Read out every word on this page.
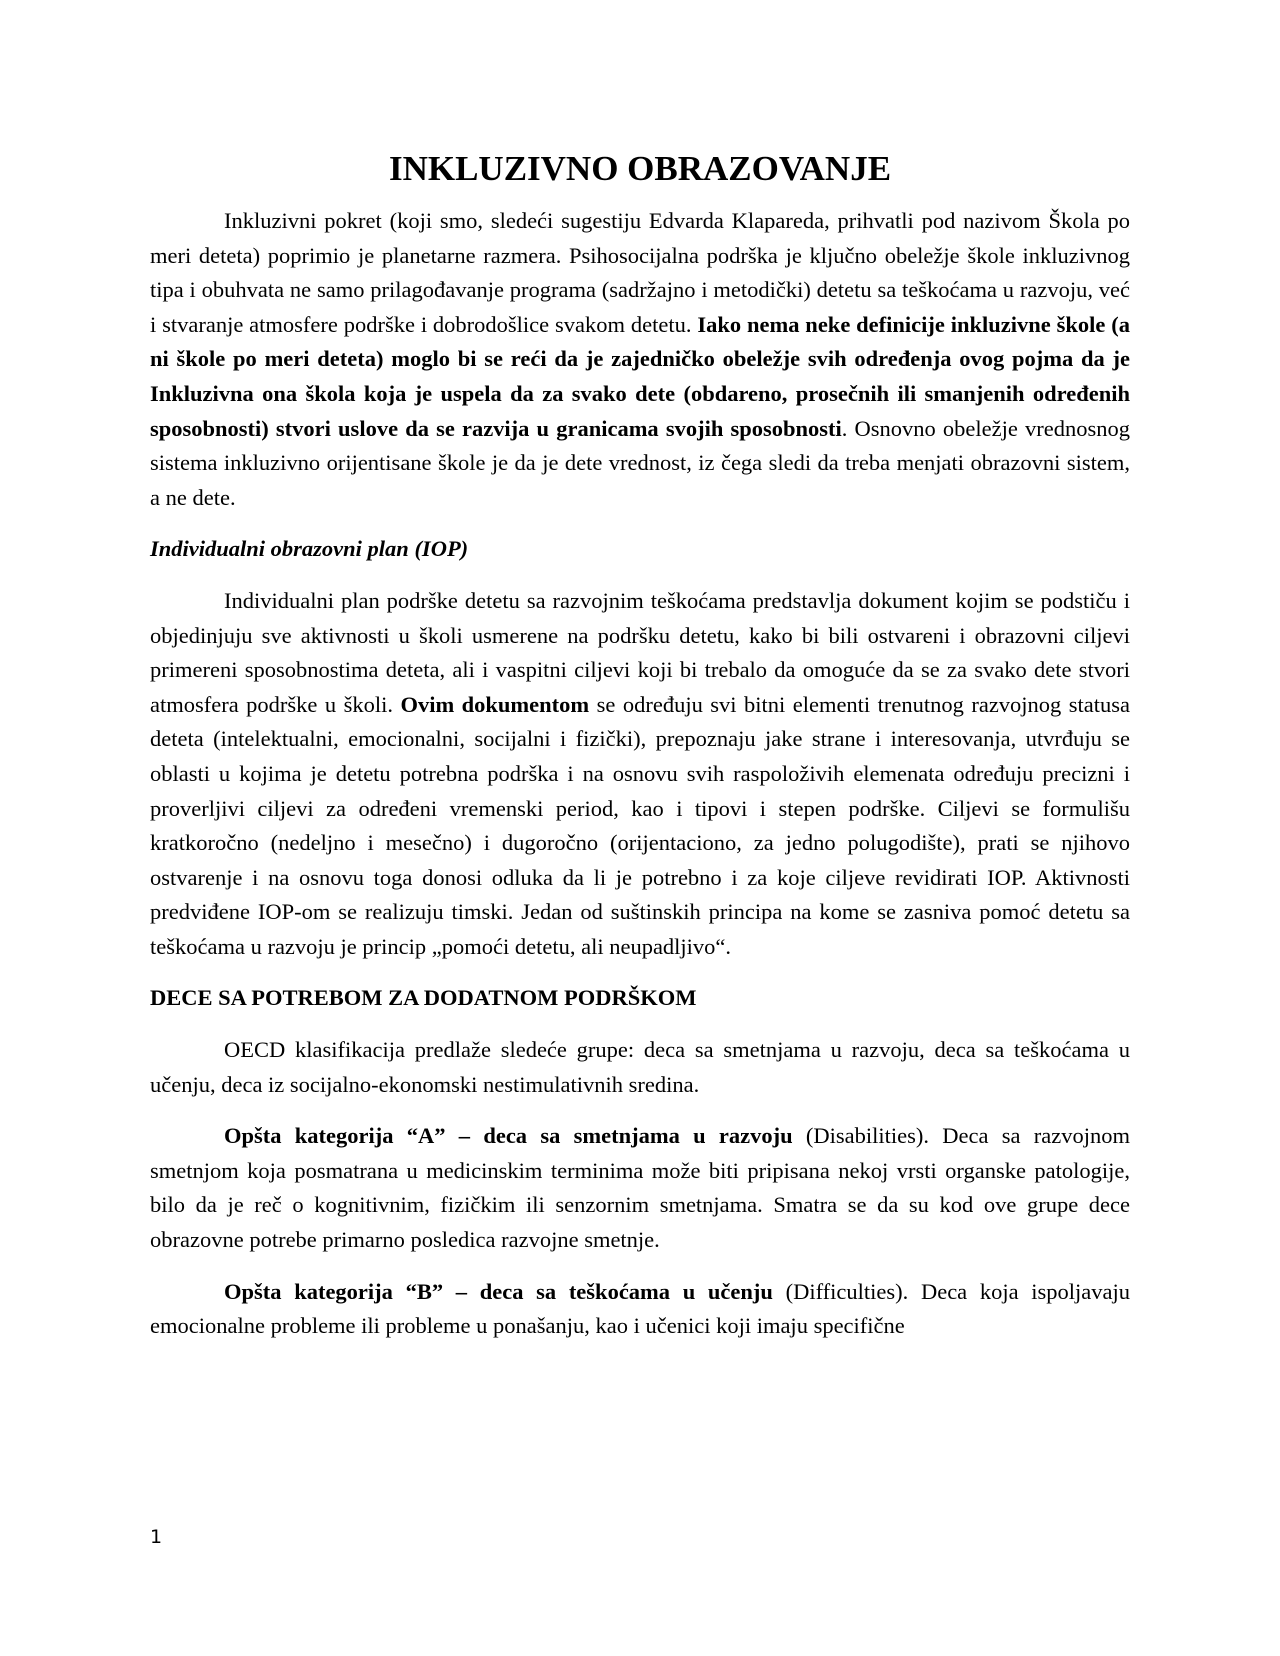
INKLUZIVNO OBRAZOVANJE

Inkluzivni pokret (koji smo, sledeći sugestiju Edvarda Klapareda, prihvatli pod nazivom Škola po meri deteta) poprimio je planetarne razmera. Psihosocijalna podrška je ključno obeležje škole inkluzivnog tipa i obuhvata ne samo prilagođavanje programa (sadržajno i metodički) detetu sa teškoćama u razvoju, već i stvaranje atmosfere podrške i dobrodošlice svakom detetu. Iako nema neke definicije inkluzivne škole (a ni škole po meri deteta) moglo bi se reći da je zajedničko obeležje svih određenja ovog pojma da je Inkluzivna ona škola koja je uspela da za svako dete (obdareno, prosečnih ili smanjenih određenih sposobnosti) stvori uslove da se razvija u granicama svojih sposobnosti. Osnovno obeležje vrednosnog sistema inkluzivno orijentisane škole je da je dete vrednost, iz čega sledi da treba menjati obrazovni sistem, a ne dete.

Individualni obrazovni plan (IOP)

Individualni plan podrške detetu sa razvojnim teškoćama predstavlja dokument kojim se podstiču i objedinjuju sve aktivnosti u školi usmerene na podršku detetu, kako bi bili ostvareni i obrazovni ciljevi primereni sposobnostima deteta, ali i vaspitni ciljevi koji bi trebalo da omoguće da se za svako dete stvori atmosfera podrške u školi. Ovim dokumentom se određuju svi bitni elementi trenutnog razvojnog statusa deteta (intelektualni, emocionalni, socijalni i fizički), prepoznaju jake strane i interesovanja, utvrđuju se oblasti u kojima je detetu potrebna podrška i na osnovu svih raspoloživih elemenata određuju precizni i proverljivi ciljevi za određeni vremenski period, kao i tipovi i stepen podrške. Ciljevi se formulišu kratkoročno (nedeljno i mesečno) i dugoročno (orijentaciono, za jedno polugodište), prati se njihovo ostvarenje i na osnovu toga donosi odluka da li je potrebno i za koje ciljeve revidirati IOP. Aktivnosti predviđene IOP-om se realizuju timski. Jedan od suštinskih principa na kome se zasniva pomoć detetu sa teškoćama u razvoju je princip „pomoći detetu, ali neupadljivo“.

DECE SA POTREBOM ZA DODATNOM PODRŠKOM

OECD klasifikacija predlaže sledeće grupe: deca sa smetnjama u razvoju, deca sa teškoćama u učenju, deca iz socijalno-ekonomski nestimulativnih sredina.

Opšta kategorija “A” – deca sa smetnjama u razvoju (Disabilities). Deca sa razvojnom smetnjom koja posmatrana u medicinskim terminima može biti pripisana nekoj vrsti organske patologije, bilo da je reč o kognitivnim, fizičkim ili senzornim smetnjama. Smatra se da su kod ove grupe dece obrazovne potrebe primarno posledica razvojne smetnje.

Opšta kategorija “B” – deca sa teškoćama u učenju (Difficulties). Deca koja ispoljavaju emocionalne probleme ili probleme u ponašanju, kao i učenici koji imaju specifične

1
